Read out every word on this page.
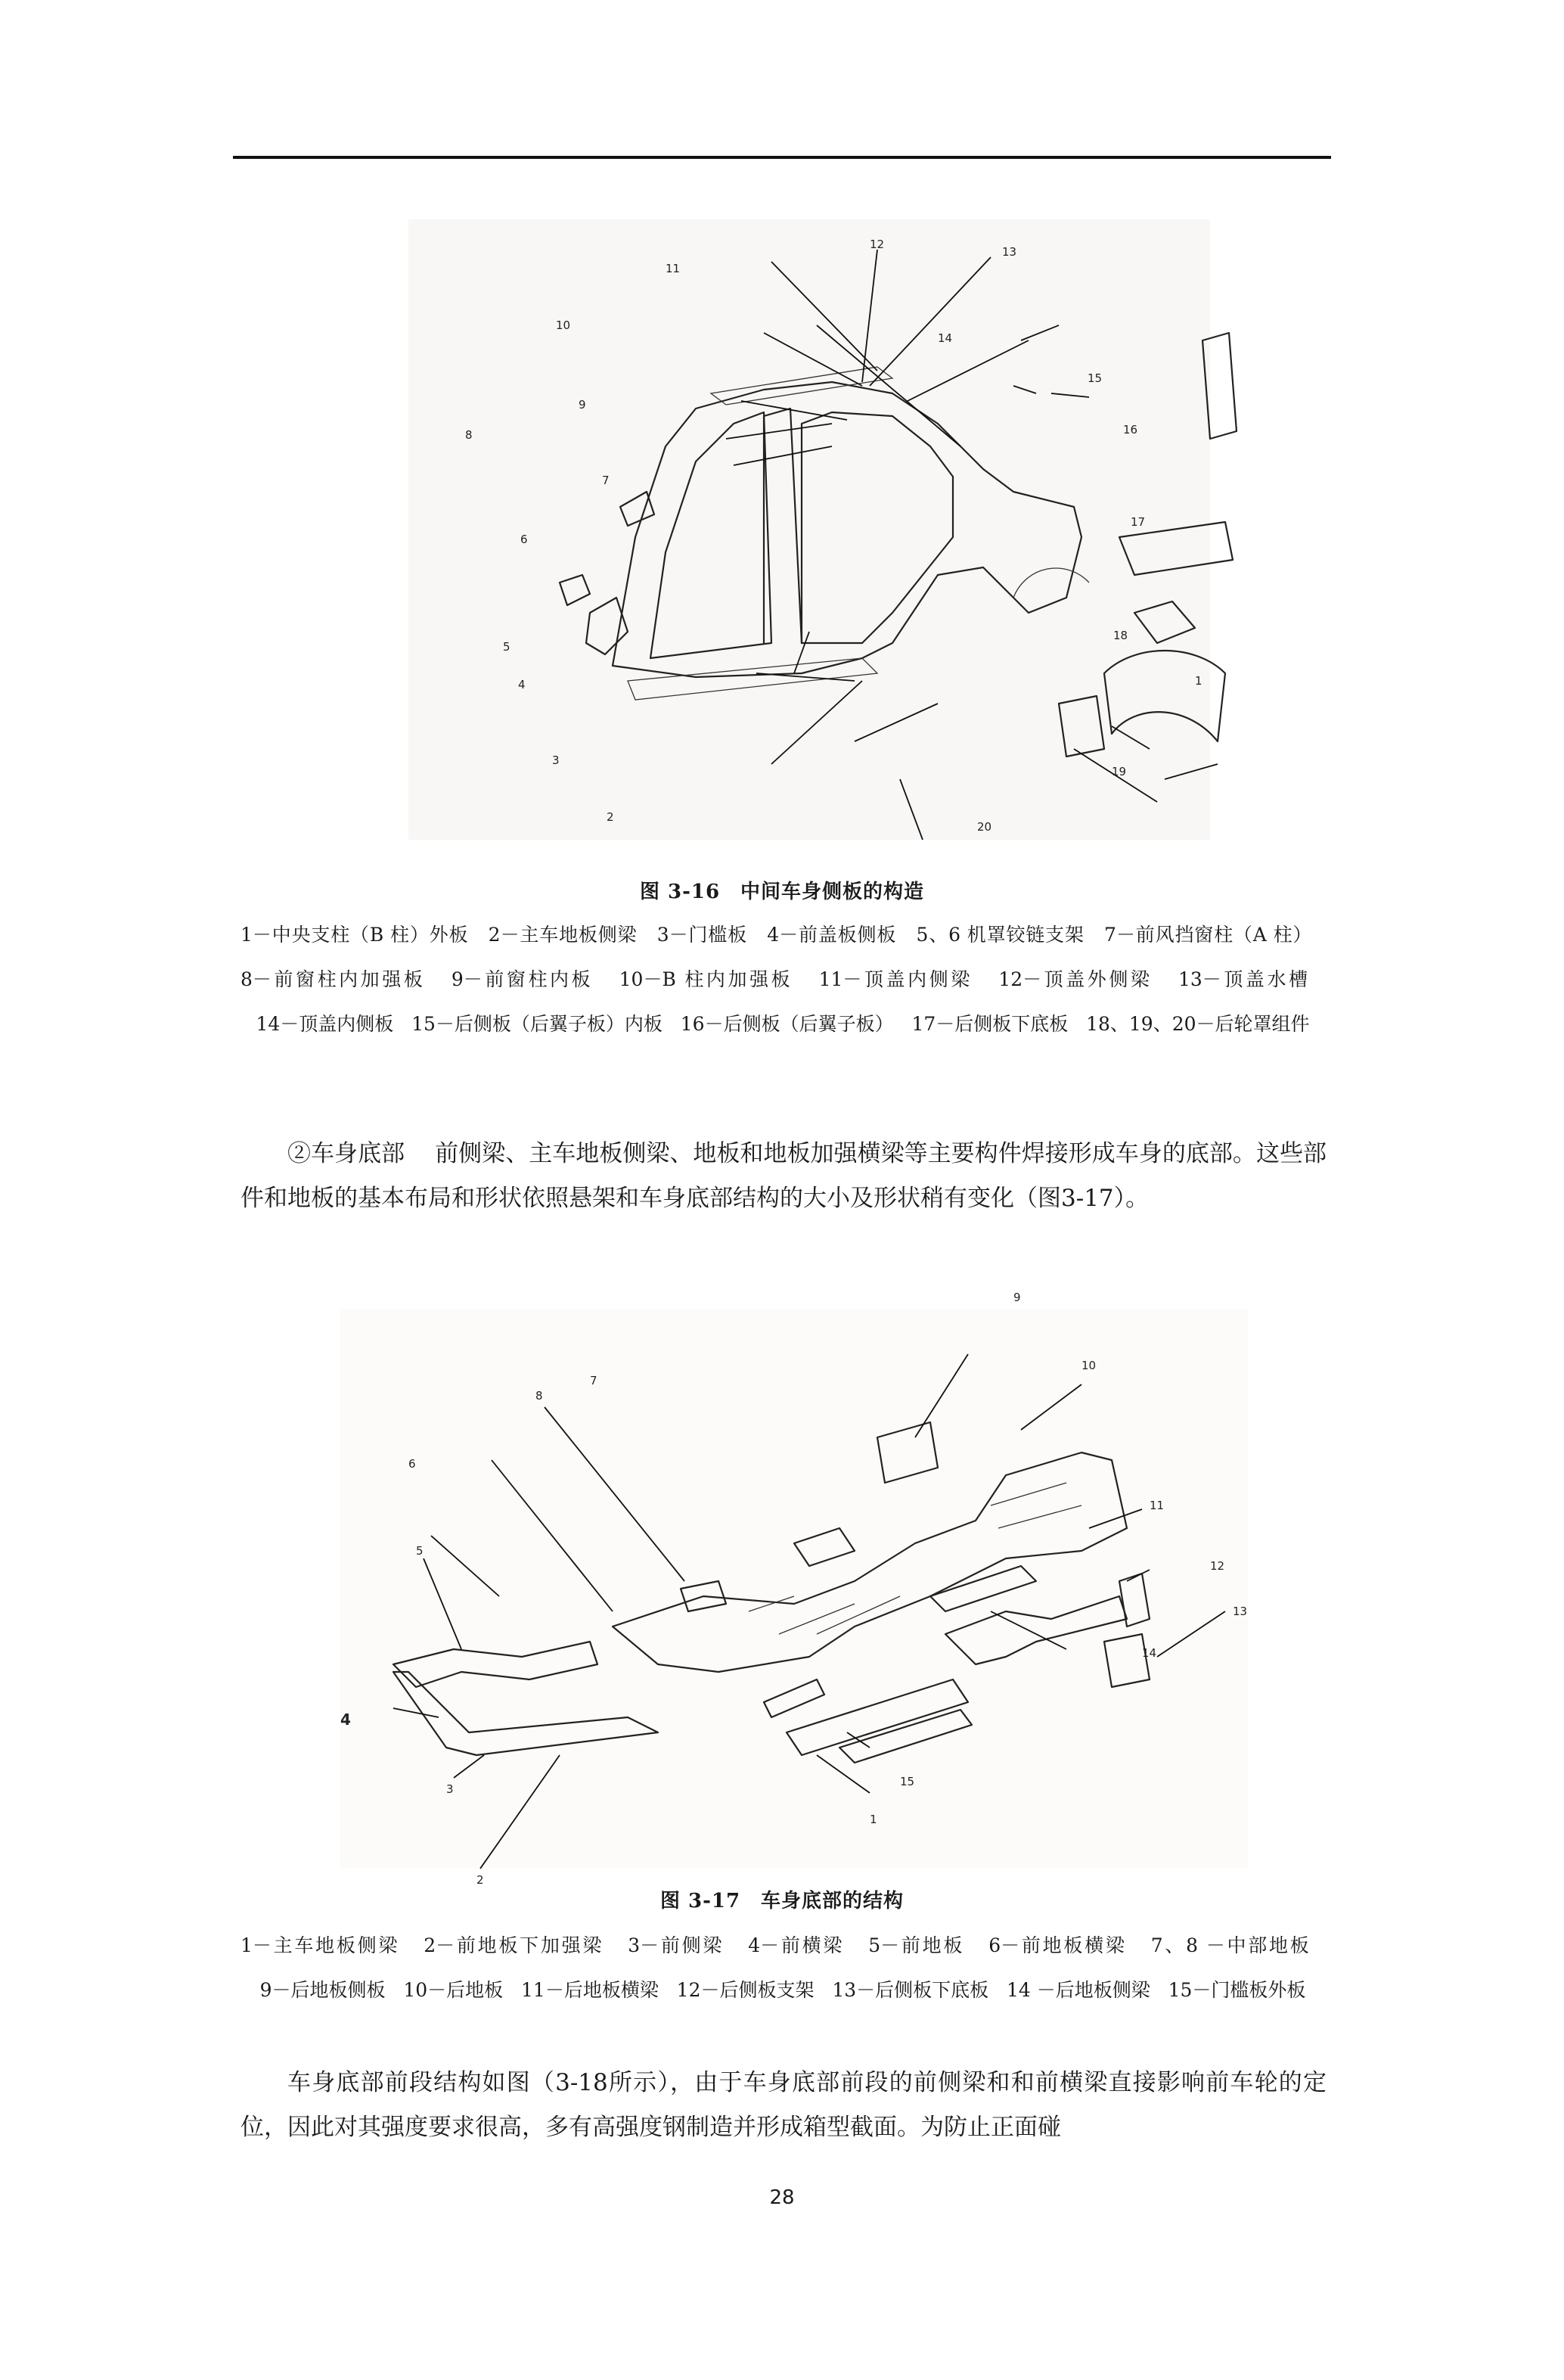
1
2
3
4
5
6
7
8
9
10
11
12
13
14
15
16
17
18
19
20
图 3-16　中间车身侧板的构造
1－中央支柱（B 柱）外板 2－主车地板侧梁 3－门槛板 4－前盖板侧板 5、6 机罩铰链支架 7－前风挡窗柱（A 柱）   8－前窗柱内加强板 9－前窗柱内板 10－B 柱内加强板 11－顶盖内侧梁 12－顶盖外侧梁 13－顶盖水槽   14－顶盖内侧板 15－后侧板（后翼子板）内板 16－后侧板（后翼子板） 17－后侧板下底板 18、19、20－后轮罩组件
②车身底部 前侧梁、主车地板侧梁、地板和地板加强横梁等主要构件焊接形成车身的底部。这些部件和地板的基本布局和形状依照悬架和车身底部结构的大小及形状稍有变化（图3-17）。
1
2
3
4
5
6
7
8
9
10
11
12
13
14
15
图 3-17　车身底部的结构
1－主车地板侧梁 2－前地板下加强梁 3－前侧梁 4－前横梁 5－前地板 6－前地板横梁 7、8 －中部地板   9－后地板侧板 10－后地板 11－后地板横梁 12－后侧板支架 13－后侧板下底板 14 －后地板侧梁 15－门槛板外板
车身底部前段结构如图（3-18所示），由于车身底部前段的前侧梁和和前横梁直接影响前车轮的定位，因此对其强度要求很高，多有高强度钢制造并形成箱型截面。为防止正面碰
28
